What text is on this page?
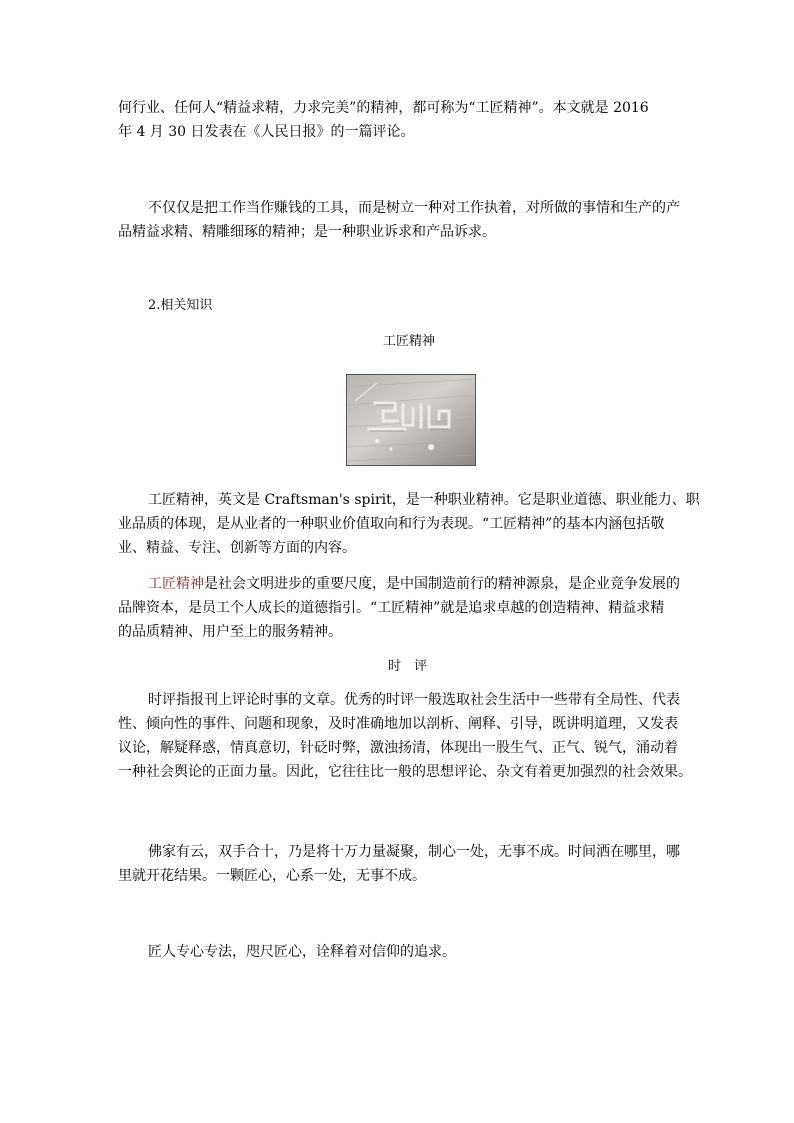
何行业、任何人“精益求精，力求完美”的精神，都可称为“工匠精神”。本文就是 2016
年 4 月 30 日发表在《人民日报》的一篇评论。
不仅仅是把工作当作赚钱的工具，而是树立一种对工作执着，对所做的事情和生产的产
品精益求精、精雕细琢的精神；是一种职业诉求和产品诉求。
2.相关知识
工匠精神
工匠精神，英文是 Craftsman's spirit，是一种职业精神。它是职业道德、职业能力、职
业品质的体现，是从业者的一种职业价值取向和行为表现。“工匠精神”的基本内涵包括敬
业、精益、专注、创新等方面的内容。
工匠精神是社会文明进步的重要尺度，是中国制造前行的精神源泉，是企业竞争发展的
品牌资本，是员工个人成长的道德指引。“工匠精神”就是追求卓越的创造精神、精益求精
的品质精神、用户至上的服务精神。
时　评
时评指报刊上评论时事的文章。优秀的时评一般选取社会生活中一些带有全局性、代表
性、倾向性的事件、问题和现象，及时准确地加以剖析、阐释、引导，既讲明道理，又发表
议论，解疑释惑，情真意切，针砭时弊，激浊扬清，体现出一股生气、正气、锐气，涌动着
一种社会舆论的正面力量。因此，它往往比一般的思想评论、杂文有着更加强烈的社会效果。
佛家有云，双手合十，乃是将十万力量凝聚，制心一处，无事不成。时间洒在哪里，哪
里就开花结果。一颗匠心，心系一处，无事不成。
匠人专心专法，咫尺匠心，诠释着对信仰的追求。
